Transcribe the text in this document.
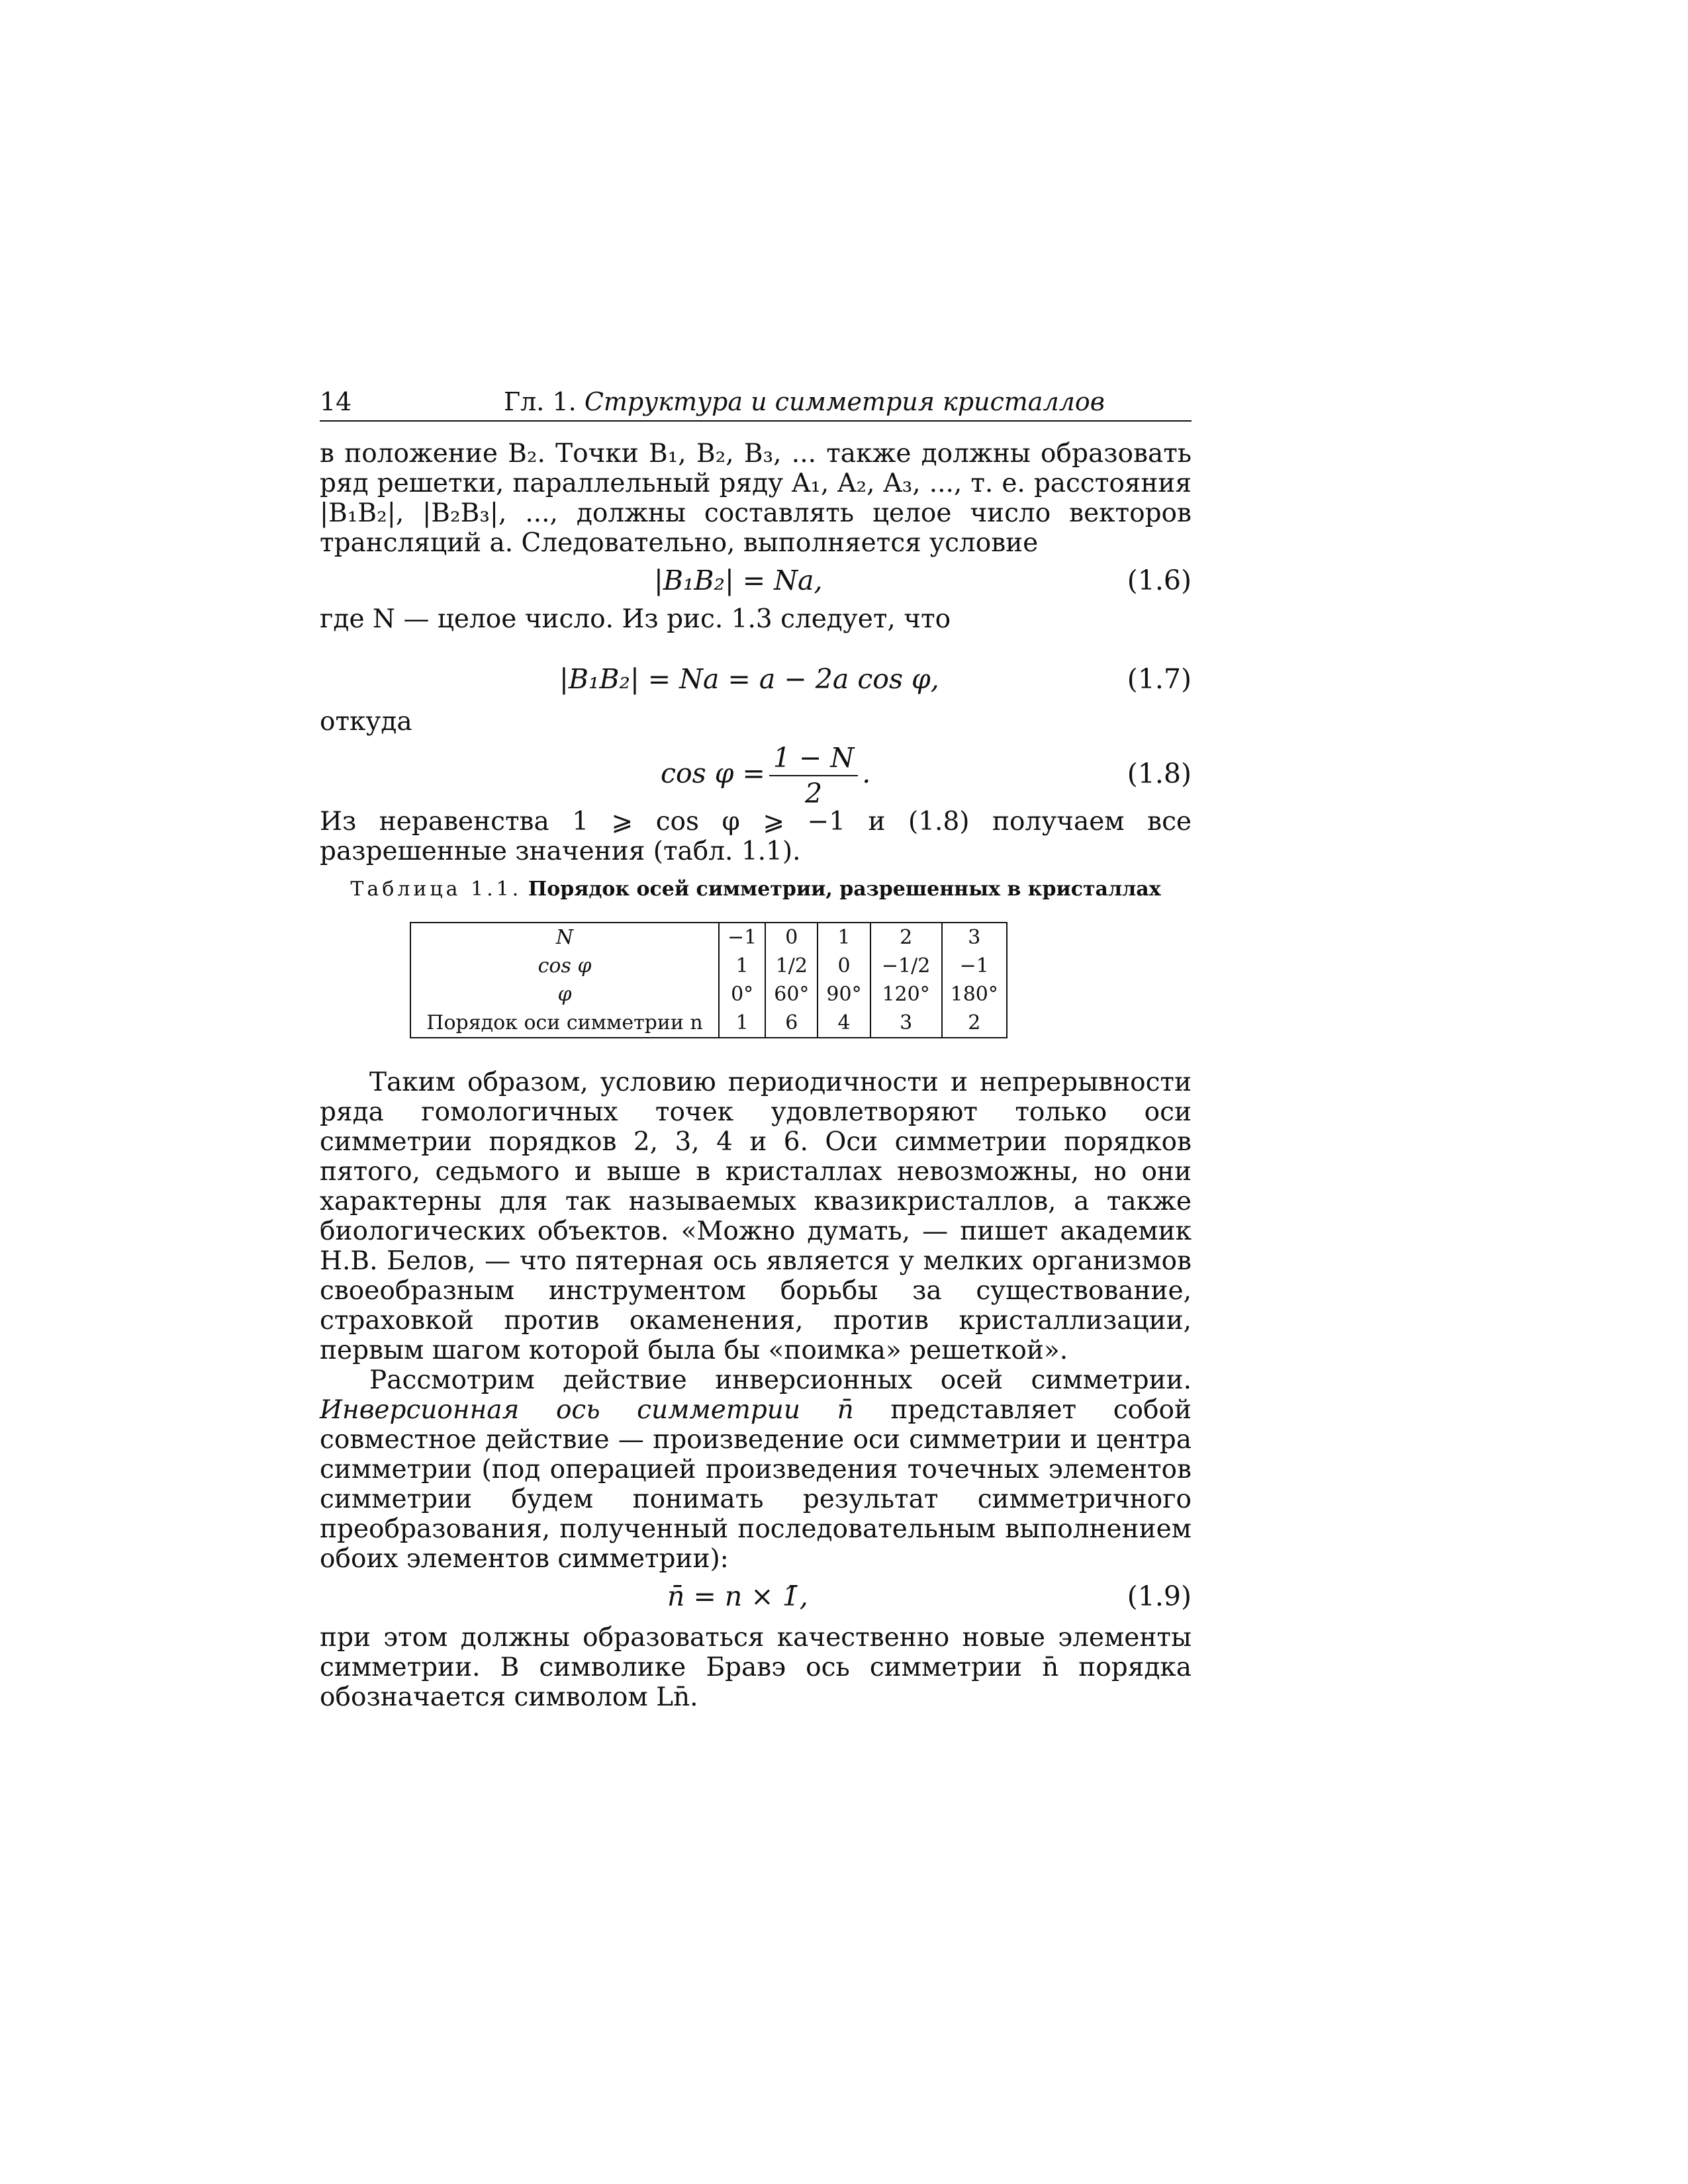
14	Гл. 1. Структура и симметрия кристаллов

в положение B₂. Точки B₁, B₂, B₃, ... также должны образовать ряд решетки, параллельный ряду A₁, A₂, A₃, ..., т. е. расстояния |B₁B₂|, |B₂B₃|, ..., должны составлять целое число векторов трансляций a. Следовательно, выполняется условие

|B₁B₂| = Na,	(1.6)

где N — целое число. Из рис. 1.3 следует, что

|B₁B₂| = Na = a − 2a cos φ,	(1.7)

откуда

$\cos \varphi = \frac{1 - N}{2}$ .	(1.8)

Из неравенства 1 ⩾ cos φ ⩾ −1 и (1.8) получаем все разрешенные значения (табл. 1.1).

Таблица 1.1. Порядок осей симметрии, разрешенных в кристаллах
N	−1	0	1	2	3
cos φ	1	1/2	0	−1/2	−1
φ	0°	60°	90°	120°	180°
Порядок оси симметрии n	1	6	4	3	2

Таким образом, условию периодичности и непрерывности ряда гомологичных точек удовлетворяют только оси симметрии порядков 2, 3, 4 и 6. Оси симметрии порядков пятого, седьмого и выше в кристаллах невозможны, но они характерны для так называемых квазикристаллов, а также биологических объектов. «Можно думать, — пишет академик Н.В. Белов, — что пятерная ось является у мелких организмов своеобразным инструментом борьбы за существование, страховкой против окаменения, против кристаллизации, первым шагом которой была бы «поимка» решеткой».

Рассмотрим действие инверсионных осей симметрии. Инверсионная ось симметрии n̄ представляет собой совместное действие — произведение оси симметрии и центра симметрии (под операцией произведения точечных элементов симметрии будем понимать результат симметричного преобразования, полученный последовательным выполнением обоих элементов симметрии):

n̄ = n × 1̄,	(1.9)

при этом должны образоваться качественно новые элементы симметрии. В символике Бравэ ось симметрии n̄ порядка обозначается символом Ln̄.
